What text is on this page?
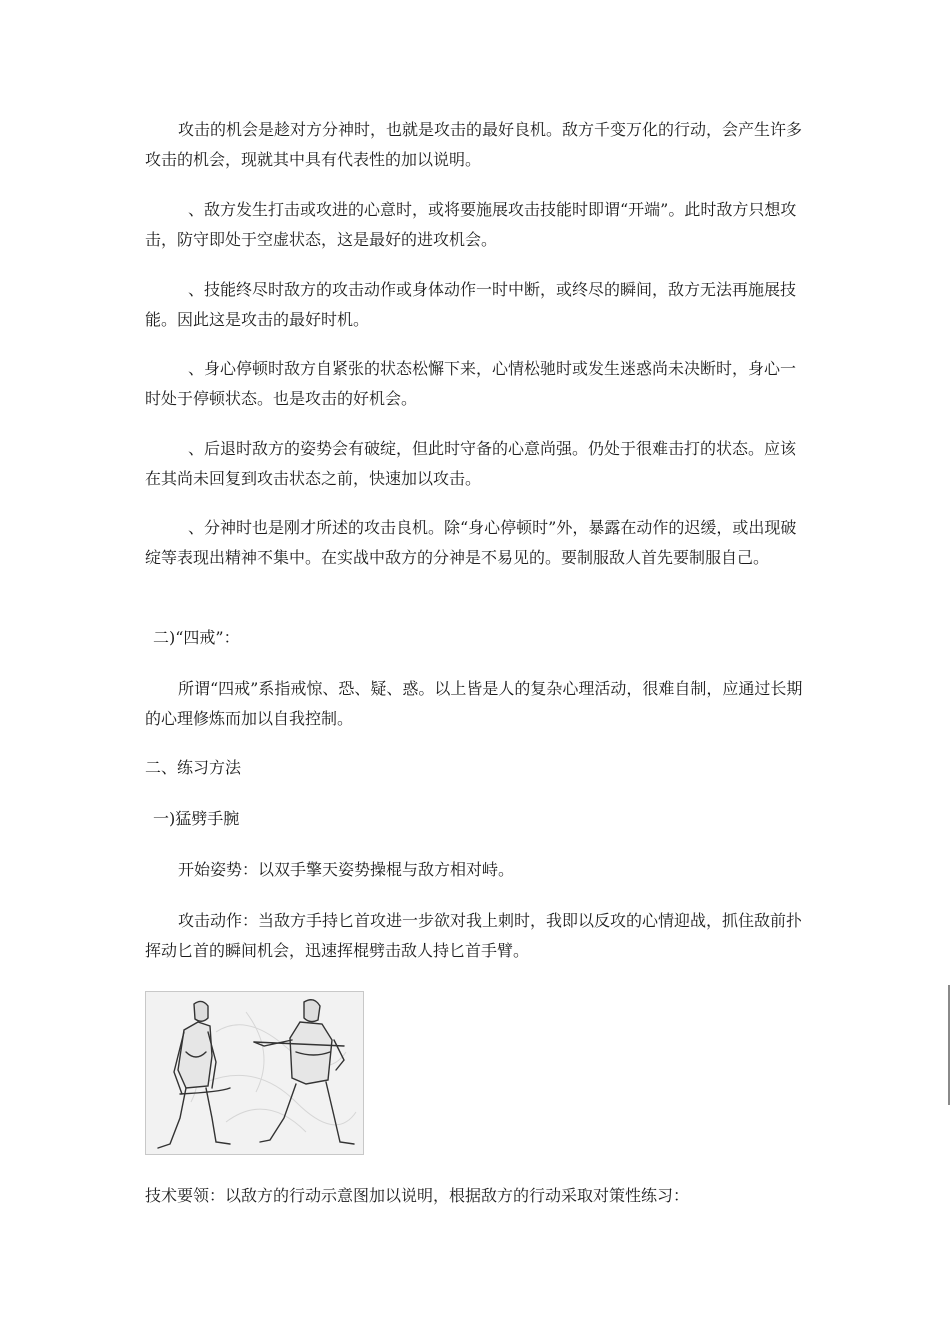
攻击的机会是趁对方分神时，也就是攻击的最好良机。敌方千变万化的行动，会产生许多攻击的机会，现就其中具有代表性的加以说明。

、敌方发生打击或攻进的心意时，或将要施展攻击技能时即谓“开端”。此时敌方只想攻击，防守即处于空虚状态，这是最好的进攻机会。

、技能终尽时敌方的攻击动作或身体动作一时中断，或终尽的瞬间，敌方无法再施展技能。因此这是攻击的最好时机。

、身心停顿时敌方自紧张的状态松懈下来，心情松驰时或发生迷惑尚未决断时，身心一时处于停顿状态。也是攻击的好机会。

、后退时敌方的姿势会有破绽，但此时守备的心意尚强。仍处于很难击打的状态。应该在其尚未回复到攻击状态之前，快速加以攻击。

、分神时也是刚才所述的攻击良机。除“身心停顿时”外，暴露在动作的迟缓，或出现破绽等表现出精神不集中。在实战中敌方的分神是不易见的。要制服敌人首先要制服自己。

二)“四戒”：

所谓“四戒”系指戒惊、恐、疑、惑。以上皆是人的复杂心理活动，很难自制，应通过长期的心理修炼而加以自我控制。

二、练习方法

一)猛劈手腕

开始姿势：以双手擎天姿势操棍与敌方相对峙。

攻击动作：当敌方手持匕首攻进一步欲对我上刺时，我即以反攻的心情迎战，抓住敌前扑挥动匕首的瞬间机会，迅速挥棍劈击敌人持匕首手臂。

技术要领：以敌方的行动示意图加以说明，根据敌方的行动采取对策性练习：
